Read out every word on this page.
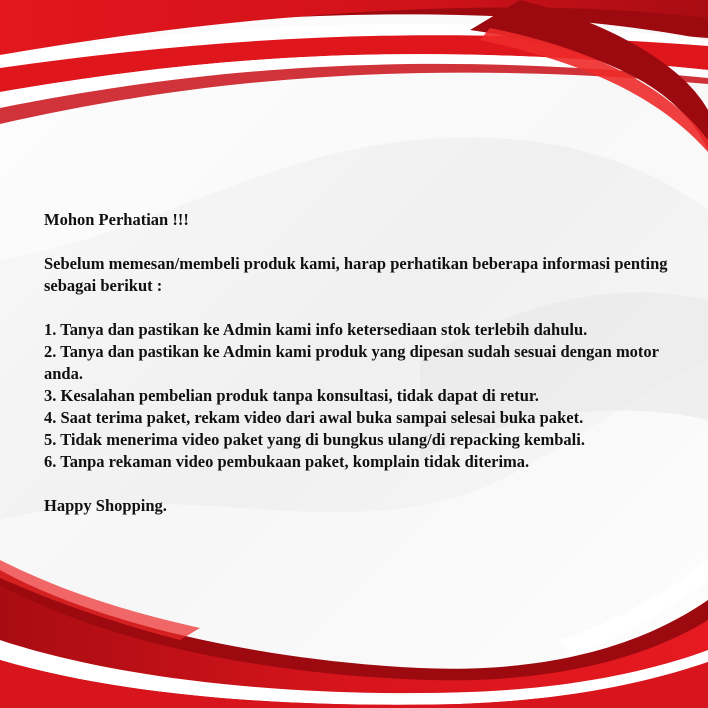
Mohon Perhatian !!!

Sebelum memesan/membeli produk kami, harap perhatikan beberapa informasi penting sebagai berikut :

1. Tanya dan pastikan ke Admin kami info ketersediaan stok terlebih dahulu.
2. Tanya dan pastikan ke Admin kami produk yang dipesan sudah sesuai dengan motor anda.
3. Kesalahan pembelian produk tanpa konsultasi, tidak dapat di retur.
4. Saat terima paket, rekam video dari awal buka sampai selesai buka paket.
5. Tidak menerima video paket yang di bungkus ulang/di repacking kembali.
6. Tanpa rekaman video pembukaan paket, komplain tidak diterima.

Happy Shopping.
